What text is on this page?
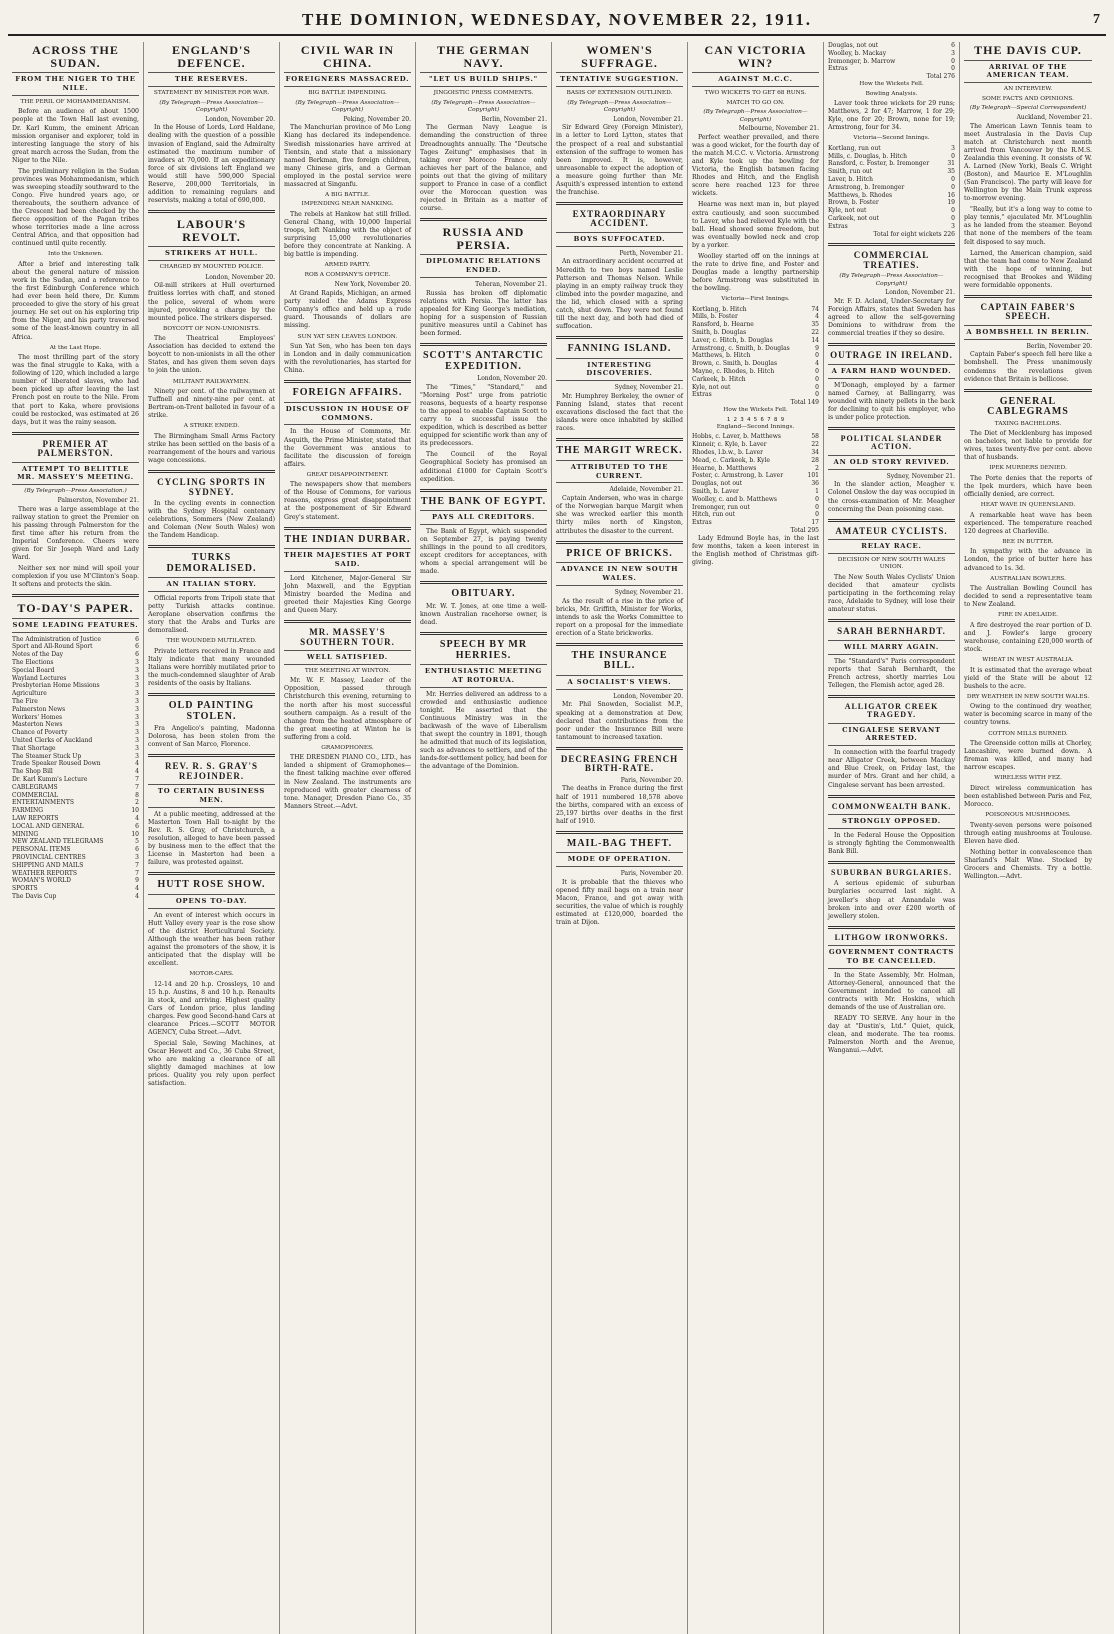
THE DOMINION, WEDNESDAY, NOVEMBER 22, 1911.	7
ACROSS THE SUDAN.
FROM THE NIGER TO THE NILE.
THE PERIL OF MOHAMMEDANISM.

Before an audience of about 1500 people at the Town Hall last evening, Dr. Karl Kumm, the eminent African mission organiser and explorer, told in interesting language the story of his great march across the Sudan, from the Niger to the Nile.

The preliminary religion in the Sudan provinces was Mohammedanism, which was sweeping steadily southward to the Congo. Five hundred years ago, or thereabouts, the southern advance of the Crescent had been checked by the fierce opposition of the Pagan tribes whose territories made a line across Central Africa, and that opposition had continued until quite recently.

Into the Unknown.

After a brief and interesting talk about the general nature of mission work in the Sudan, and a reference to the first Edinburgh Conference which had ever been held there, Dr. Kumm proceeded to give the story of his great journey. He set out on his exploring trip from the Niger, and his party traversed some of the least-known country in all Africa.

At the Last Hope.

The most thrilling part of the story was the final struggle to Kaka, with a following of 120, which included a large number of liberated slaves, who had been picked up after leaving the last French post en route to the Nile. From that port to Kaka, where provisions could be restocked, was estimated at 26 days, but it was the rainy season.

PREMIER AT PALMERSTON.
ATTEMPT TO BELITTLE MR. MASSEY'S MEETING.
(By Telegraph—Press Association.)
Palmerston, November 21.

There was a large assemblage at the railway station to greet the Premier on his passing through Palmerston for the first time after his return from the Imperial Conference. Cheers were given for Sir Joseph Ward and Lady Ward.

Neither sex nor mind will spoil your complexion if you use M'Clinton's Soap. It softens and protects the skin.

TO-DAY'S PAPER.
SOME LEADING FEATURES.
The Administration of Justice	6
Sport and All-Round Sport	6
Notes of the Day	6
The Elections	3
Special Board	3
Wayland Lectures	3
Presbyterian Home Missions	3
Agriculture	3
The Fire	3
Palmerston News	3
Workers' Homes	3
Masterton News	3
Chance of Poverty	3
United Clerks of Auckland	3
That Shortage	3
The Steamer Stuck Up	3
Trade Speaker Roused Down	4
The Shop Bill	4
Dr. Karl Kumm's Lecture	7
CABLEGRAMS	7
COMMERCIAL	8
ENTERTAINMENTS	2
FARMING	10
LAW REPORTS	4
LOCAL AND GENERAL	6
MINING	10
NEW ZEALAND TELEGRAMS	5
PERSONAL ITEMS	6
PROVINCIAL CENTRES	3
SHIPPING AND MAILS	7
WEATHER REPORTS	7
WOMAN'S WORLD	9
SPORTS	4
The Davis Cup	4
ENGLAND'S DEFENCE.
THE RESERVES.
STATEMENT BY MINISTER FOR WAR.
(By Telegraph—Press Association—Copyright)
London, November 20.

In the House of Lords, Lord Haldane, dealing with the question of a possible invasion of England, said the Admiralty estimated the maximum number of invaders at 70,000. If an expeditionary force of six divisions left England we would still have 590,000 Special Reserve, 200,000 Territorials, in addition to remaining regulars and reservists, making a total of 690,000.

LABOUR'S REVOLT.
STRIKERS AT HULL.
CHARGED BY MOUNTED POLICE.
London, November 20.

Oil-mill strikers at Hull overturned fruitless lorries with chaff, and stoned the police, several of whom were injured, provoking a charge by the mounted police. The strikers dispersed.

BOYCOTT OF NON-UNIONISTS.

The Theatrical Employees' Association has decided to extend the boycott to non-unionists in all the other States, and has given them seven days to join the union.

MILITANT RAILWAYMEN.

Ninety per cent. of the railwaymen at Tuffnell and ninety-nine per cent. at Bertram-on-Trent balloted in favour of a strike.

A STRIKE ENDED.

The Birmingham Small Arms Factory strike has been settled on the basis of a rearrangement of the hours and various wage concessions.

CYCLING SPORTS IN SYDNEY.

In the cycling events in connection with the Sydney Hospital centenary celebrations, Sommers (New Zealand) and Coleman (New South Wales) won the Tandem Handicap.

TURKS DEMORALISED.
AN ITALIAN STORY.

Official reports from Tripoli state that petty Turkish attacks continue. Aeroplane observation confirms the story that the Arabs and Turks are demoralised.

THE WOUNDED MUTILATED.

Private letters received in France and Italy indicate that many wounded Italians were horribly mutilated prior to the much-condemned slaughter of Arab residents of the oasis by Italians.

OLD PAINTING STOLEN.

Fra Angelico's painting, Madonna Dolorosa, has been stolen from the convent of San Marco, Florence.

REV. R. S. GRAY'S REJOINDER.
TO CERTAIN BUSINESS MEN.

At a public meeting, addressed at the Masterton Town Hall to-night by the Rev. R. S. Gray, of Christchurch, a resolution, alleged to have been passed by business men to the effect that the License in Masterton had been a failure, was protested against.

HUTT ROSE SHOW.
OPENS TO-DAY.

An event of interest which occurs in Hutt Valley every year is the rose show of the district Horticultural Society. Although the weather has been rather against the promoters of the show, it is anticipated that the display will be excellent.

MOTOR-CARS.

12-14 and 20 h.p. Crossleys, 10 and 15 h.p. Austins, 8 and 10 h.p. Renaults in stock, and arriving. Highest quality Cars of London price, plus landing charges. Few good Second-hand Cars at clearance Prices.—SCOTT MOTOR AGENCY, Cuba Street.—Advt.

Special Sale, Sewing Machines, at Oscar Hewett and Co., 36 Cuba Street, who are making a clearance of all slightly damaged machines at low prices. Quality you rely upon perfect satisfaction.

CIVIL WAR IN CHINA.
FOREIGNERS MASSACRED.
BIG BATTLE IMPENDING.
(By Telegraph—Press Association—Copyright)
Peking, November 20.

The Manchurian province of Mo Long Kiang has declared its independence. Swedish missionaries have arrived at Tientsin, and state that a missionary named Berkman, five foreign children, many Chinese girls, and a German employed in the postal service were massacred at Singanfu.

A BIG BATTLE.
IMPENDING NEAR NANKING.

The rebels at Hankow hat still frilled. General Chang, with 10,000 Imperial troops, left Nanking with the object of surprising 15,000 revolutionaries before they concentrate at Nanking. A big battle is impending.

ARMED PARTY.
ROB A COMPANY'S OFFICE.
New York, November 20.

At Grand Rapids, Michigan, an armed party raided the Adams Express Company's office and held up a rude guard. Thousands of dollars are missing.

SUN YAT SEN LEAVES LONDON.

Sun Yat Sen, who has been ten days in London and in daily communication with the revolutionaries, has started for China.

FOREIGN AFFAIRS.
DISCUSSION IN HOUSE OF COMMONS.

In the House of Commons, Mr. Asquith, the Prime Minister, stated that the Government was anxious to facilitate the discussion of foreign affairs.

GREAT DISAPPOINTMENT.

The newspapers show that members of the House of Commons, for various reasons, express great disappointment at the postponement of Sir Edward Grey's statement.

THE INDIAN DURBAR.
THEIR MAJESTIES AT PORT SAID.

Lord Kitchener, Major-General Sir John Maxwell, and the Egyptian Ministry boarded the Medina and greeted their Majesties King George and Queen Mary.

MR. MASSEY'S SOUTHERN TOUR.
WELL SATISFIED.
THE MEETING AT WINTON.

Mr. W. F. Massey, Leader of the Opposition, passed through Christchurch this evening, returning to the north after his most successful southern campaign. As a result of the change from the heated atmosphere of the great meeting at Winton he is suffering from a cold.

GRAMOPHONES.

THE DRESDEN PIANO CO., LTD., has landed a shipment of Gramophones—the finest talking machine ever offered in New Zealand. The instruments are reproduced with greater clearness of tone. Manager, Dresden Piano Co., 35 Manners Street.—Advt.

THE GERMAN NAVY.
"LET US BUILD SHIPS."
JINGOISTIC PRESS COMMENTS.
(By Telegraph—Press Association—Copyright)
Berlin, November 21.

The German Navy League is demanding the construction of three Dreadnoughts annually. The "Deutsche Tages Zeitung" emphasises that in taking over Morocco France only achieves her part of the balance, and points out that the giving of military support to France in case of a conflict over the Moroccan question was rejected in Britain as a matter of course.

RUSSIA AND PERSIA.
DIPLOMATIC RELATIONS ENDED.
Teheran, November 21.

Russia has broken off diplomatic relations with Persia. The latter has appealed for King George's mediation, hoping for a suspension of Russian punitive measures until a Cabinet has been formed.

SCOTT'S ANTARCTIC EXPEDITION.
London, November 20.

The "Times," "Standard," and "Morning Post" urge from patriotic reasons, bequests of a hearty response to the appeal to enable Captain Scott to carry to a successful issue the expedition, which is described as better equipped for scientific work than any of its predecessors.

The Council of the Royal Geographical Society has promised an additional £1000 for Captain Scott's expedition.

THE BANK OF EGYPT.
PAYS ALL CREDITORS.

The Bank of Egypt, which suspended on September 27, is paying twenty shillings in the pound to all creditors, except creditors for acceptances, with whom a special arrangement will be made.

OBITUARY.

Mr. W. T. Jones, at one time a well-known Australian racehorse owner, is dead.

SPEECH BY MR HERRIES.
ENTHUSIASTIC MEETING AT ROTORUA.

Mr. Herries delivered an address to a crowded and enthusiastic audience tonight. He asserted that the Continuous Ministry was in the backwash of the wave of Liberalism that swept the country in 1891, though he admitted that much of its legislation, such as advances to settlers, and of the lands-for-settlement policy, had been for the advantage of the Dominion.

WOMEN'S SUFFRAGE.
TENTATIVE SUGGESTION.
BASIS OF EXTENSION OUTLINED.
(By Telegraph—Press Association—Copyright)
London, November 21.

Sir Edward Grey (Foreign Minister), in a letter to Lord Lytton, states that the prospect of a real and substantial extension of the suffrage to women has been improved. It is, however, unreasonable to expect the adoption of a measure going further than Mr. Asquith's expressed intention to extend the franchise.

EXTRAORDINARY ACCIDENT.
BOYS SUFFOCATED.
Perth, November 21.

An extraordinary accident occurred at Meredith to two boys named Leslie Patterson and Thomas Nelson. While playing in an empty railway truck they climbed into the powder magazine, and the lid, which closed with a spring catch, shut down. They were not found till the next day, and both had died of suffocation.

FANNING ISLAND.
INTERESTING DISCOVERIES.
Sydney, November 21.

Mr. Humphrey Berkeley, the owner of Fanning Island, states that recent excavations disclosed the fact that the islands were once inhabited by skilled races.

THE MARGIT WRECK.
ATTRIBUTED TO THE CURRENT.
Adelaide, November 21.

Captain Andersen, who was in charge of the Norwegian barque Margit when she was wrecked earlier this month thirty miles north of Kingston, attributes the disaster to the current.

PRICE OF BRICKS.
ADVANCE IN NEW SOUTH WALES.
Sydney, November 21.

As the result of a rise in the price of bricks, Mr. Griffith, Minister for Works, intends to ask the Works Committee to report on a proposal for the immediate erection of a State brickworks.

THE INSURANCE BILL.
A SOCIALIST'S VIEWS.
London, November 20.

Mr. Phil Snowden, Socialist M.P., speaking at a demonstration at Dew, declared that contributions from the poor under the Insurance Bill were tantamount to increased taxation.

DECREASING FRENCH BIRTH-RATE.
Paris, November 20.

The deaths in France during the first half of 1911 numbered 18,578 above the births, compared with an excess of 25,197 births over deaths in the first half of 1910.

MAIL-BAG THEFT.
MODE OF OPERATION.
Paris, November 20.

It is probable that the thieves who opened fifty mail bags on a train near Macon, France, and got away with securities, the value of which is roughly estimated at £120,000, boarded the train at Dijon.

CAN VICTORIA WIN?
AGAINST M.C.C.
TWO WICKETS TO GET 68 RUNS.
MATCH TO GO ON.
(By Telegraph—Press Association—Copyright)
Melbourne, November 21.

Perfect weather prevailed, and there was a good wicket, for the fourth day of the match M.C.C. v. Victoria. Armstrong and Kyle took up the bowling for Victoria, the English batsmen facing Rhodes and Hitch, and the English score here reached 123 for three wickets.

Hearne was next man in, but played extra cautiously, and soon succumbed to Laver, who had relieved Kyle with the ball. Head showed some freedom, but was eventually bowled neck and crop by a yorker.

Woolley started off on the innings at the rate to drive fine, and Foster and Douglas made a lengthy partnership before Armstrong was substituted in the bowling.

Victoria—First Innings.
Kortlang, b. Hitch	74
Mills, b. Foster	4
Ransford, b. Hearne	35
Smith, b. Douglas	22
Laver, c. Hitch, b. Douglas	14
Armstrong, c. Smith, b. Douglas	9
Matthews, b. Hitch	0
Brown, c. Smith, b. Douglas	4
Mayne, c. Rhodes, b. Hitch	0
Carkeek, b. Hitch	0
Kyle, not out	0
Extras	0
Total 149
How the Wickets Fell.
1 2 3 4 5 6 7 8 9
England—Second Innings.
Hobbs, c. Laver, b. Matthews	58
Kinneir, c. Kyle, b. Laver	22
Rhodes, l.b.w., b. Laver	34
Mead, c. Carkeek, b. Kyle	28
Hearne, b. Matthews	2
Foster, c. Armstrong, b. Laver	101
Douglas, not out	36
Smith, b. Laver	1
Woolley, c. and b. Matthews	0
Iremonger, run out	0
Hitch, run out	0
Extras	17
Total 295

Lady Edmund Boyle has, in the last few months, taken a keen interest in the English method of Christmas gift-giving.

Douglas, not out	6
Woolley, b. Mackay	3
Iremonger, b. Marrow	0
Extras	0
Total 276
How the Wickets Fell.
Bowling Analysis.

Laver took three wickets for 29 runs; Matthews, 2 for 47; Marrow, 1 for 29; Kyle, one for 20; Brown, none for 19; Armstrong, four for 34.

Victoria—Second Innings.
Kortlang, run out	3
Mills, c. Douglas, b. Hitch	0
Ransford, c. Foster, b. Iremonger	31
Smith, run out	35
Laver, b. Hitch	0
Armstrong, b. Iremonger	0
Matthews, b. Rhodes	16
Brown, b. Foster	19
Kyle, not out	0
Carkeek, not out	0
Extras	3
Total for eight wickets 226
COMMERCIAL TREATIES.
(By Telegraph—Press Association—Copyright)
London, November 21.

Mr. F. D. Acland, Under-Secretary for Foreign Affairs, states that Sweden has agreed to allow the self-governing Dominions to withdraw from the commercial treaties if they so desire.

OUTRAGE IN IRELAND.
A FARM HAND WOUNDED.

M'Donagh, employed by a farmer named Carney, at Ballingarry, was wounded with ninety pellets in the back for declining to quit his employer, who is under police protection.

POLITICAL SLANDER ACTION.
AN OLD STORY REVIVED.
Sydney, November 21.

In the slander action, Meagher v. Colonel Onslow the day was occupied in the cross-examination of Mr. Meagher concerning the Dean poisoning case.

AMATEUR CYCLISTS.
RELAY RACE.
DECISION OF NEW SOUTH WALES UNION.

The New South Wales Cyclists' Union decided that amateur cyclists participating in the forthcoming relay race, Adelaide to Sydney, will lose their amateur status.

SARAH BERNHARDT.
WILL MARRY AGAIN.

The "Standard's" Paris correspondent reports that Sarah Bernhardt, the French actress, shortly marries Lou Tellegen, the Flemish actor, aged 28.

ALLIGATOR CREEK TRAGEDY.
CINGALESE SERVANT ARRESTED.

In connection with the fearful tragedy near Alligator Creek, between Mackay and Blue Creek, on Friday last, the murder of Mrs. Grant and her child, a Cingalese servant has been arrested.

COMMONWEALTH BANK.
STRONGLY OPPOSED.

In the Federal House the Opposition is strongly fighting the Commonwealth Bank Bill.

SUBURBAN BURGLARIES.

A serious epidemic of suburban burglaries occurred last night. A jeweller's shop at Annandale was broken into and over £200 worth of jewellery stolen.

LITHGOW IRONWORKS.
GOVERNMENT CONTRACTS TO BE CANCELLED.

In the State Assembly, Mr. Holman, Attorney-General, announced that the Government intended to cancel all contracts with Mr. Hoskins, which demands of the use of Australian ore.

READY TO SERVE. Any hour in the day at "Dustin's, Ltd." Quiet, quick, clean, and moderate. The tea rooms. Palmerston North and the Avenue, Wanganui.—Advt.

THE DAVIS CUP.
ARRIVAL OF THE AMERICAN TEAM.
AN INTERVIEW.
SOME FACTS AND OPINIONS.
(By Telegraph—Special Correspondent)
Auckland, November 21.

The American Lawn Tennis team to meet Australasia in the Davis Cup match at Christchurch next month arrived from Vancouver by the R.M.S. Zealandia this evening. It consists of W. A. Larned (New York), Beals C. Wright (Boston), and Maurice E. M'Loughlin (San Francisco). The party will leave for Wellington by the Main Trunk express to-morrow evening.

"Really, but it's a long way to come to play tennis," ejaculated Mr. M'Loughlin as he landed from the steamer. Beyond that none of the members of the team felt disposed to say much.

Larned, the American champion, said that the team had come to New Zealand with the hope of winning, but recognised that Brookes and Wilding were formidable opponents.

CAPTAIN FABER'S SPEECH.
A BOMBSHELL IN BERLIN.
Berlin, November 20.

Captain Faber's speech fell here like a bombshell. The Press unanimously condemns the revelations given evidence that Britain is bellicose.

GENERAL CABLEGRAMS
TAXING BACHELORS.

The Diet of Mecklenburg has imposed on bachelors, not liable to provide for wives, taxes twenty-five per cent. above that of husbands.

IPEK MURDERS DENIED.

The Porte denies that the reports of the Ipek murders, which have been officially denied, are correct.

HEAT WAVE IN QUEENSLAND.

A remarkable heat wave has been experienced. The temperature reached 120 degrees at Charleville.

BEE IN BUTTER.

In sympathy with the advance in London, the price of butter here has advanced to 1s. 3d.

AUSTRALIAN BOWLERS.

The Australian Bowling Council has decided to send a representative team to New Zealand.

FIRE IN ADELAIDE.

A fire destroyed the rear portion of D. and J. Fowler's large grocery warehouse, containing £20,000 worth of stock.

WHEAT IN WEST AUSTRALIA.

It is estimated that the average wheat yield of the State will be about 12 bushels to the acre.

DRY WEATHER IN NEW SOUTH WALES.

Owing to the continued dry weather, water is becoming scarce in many of the country towns.

COTTON MILLS BURNED.

The Greenside cotton mills at Chorley, Lancashire, were burned down. A fireman was killed, and many had narrow escapes.

WIRELESS WITH FEZ.

Direct wireless communication has been established between Paris and Fez, Morocco.

POISONOUS MUSHROOMS.

Twenty-seven persons were poisoned through eating mushrooms at Toulouse. Eleven have died.

Nothing better in convalescence than Sharland's Malt Wine. Stocked by Grocers and Chemists. Try a bottle. Wellington.—Advt.
